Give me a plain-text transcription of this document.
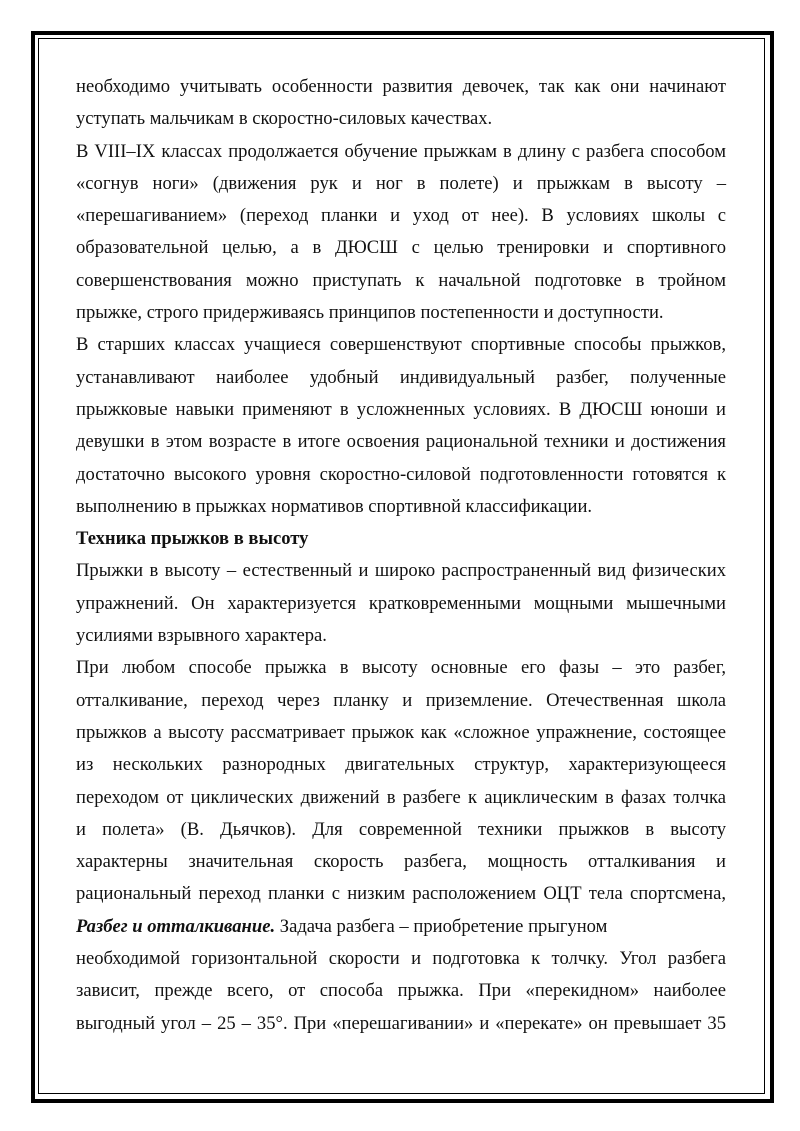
необходимо учитывать особенности развития девочек, так как они начинают
уступать мальчикам в скоростно-силовых качествах.

В VIII–IX классах продолжается обучение прыжкам в длину с разбега способом
«согнув ноги» (движения рук и ног в полете) и прыжкам в высоту –
«перешагиванием» (переход планки и уход от нее). В условиях школы с
образовательной целью, а в ДЮСШ с целью тренировки и спортивного
совершенствования можно приступать к начальной подготовке в тройном
прыжке, строго придерживаясь принципов постепенности и доступности.

В старших классах учащиеся совершенствуют спортивные способы прыжков,
устанавливают наиболее удобный индивидуальный разбег, полученные
прыжковые навыки применяют в усложненных условиях. В ДЮСШ юноши и
девушки в этом возрасте в итоге освоения рациональной техники и достижения
достаточно высокого уровня скоростно-силовой подготовленности готовятся к
выполнению в прыжках нормативов спортивной классификации.

Техника прыжков в высоту

Прыжки в высоту – естественный и широко распространенный вид физических
упражнений. Он характеризуется кратковременными мощными мышечными
усилиями взрывного характера.

При любом способе прыжка в высоту основные его фазы – это разбег,
отталкивание, переход через планку и приземление. Отечественная школа
прыжков а высоту рассматривает прыжок как «сложное упражнение, состоящее
из нескольких разнородных двигательных структур, характеризующееся
переходом от циклических движений в разбеге к ациклическим в фазах толчка
и полета» (В. Дьячков). Для современной техники прыжков в высоту
характерны значительная скорость разбега, мощность отталкивания и
рациональный переход планки с низким расположением ОЦТ тела спортсмена,

Разбег и отталкивание. Задача разбега – приобретение прыгуном
необходимой горизонтальной скорости и подготовка к толчку. Угол разбега
зависит, прежде всего, от способа прыжка. При «перекидном» наиболее
выгодный угол – 25 – 35°. При «перешагивании» и «перекате» он превышает 35
